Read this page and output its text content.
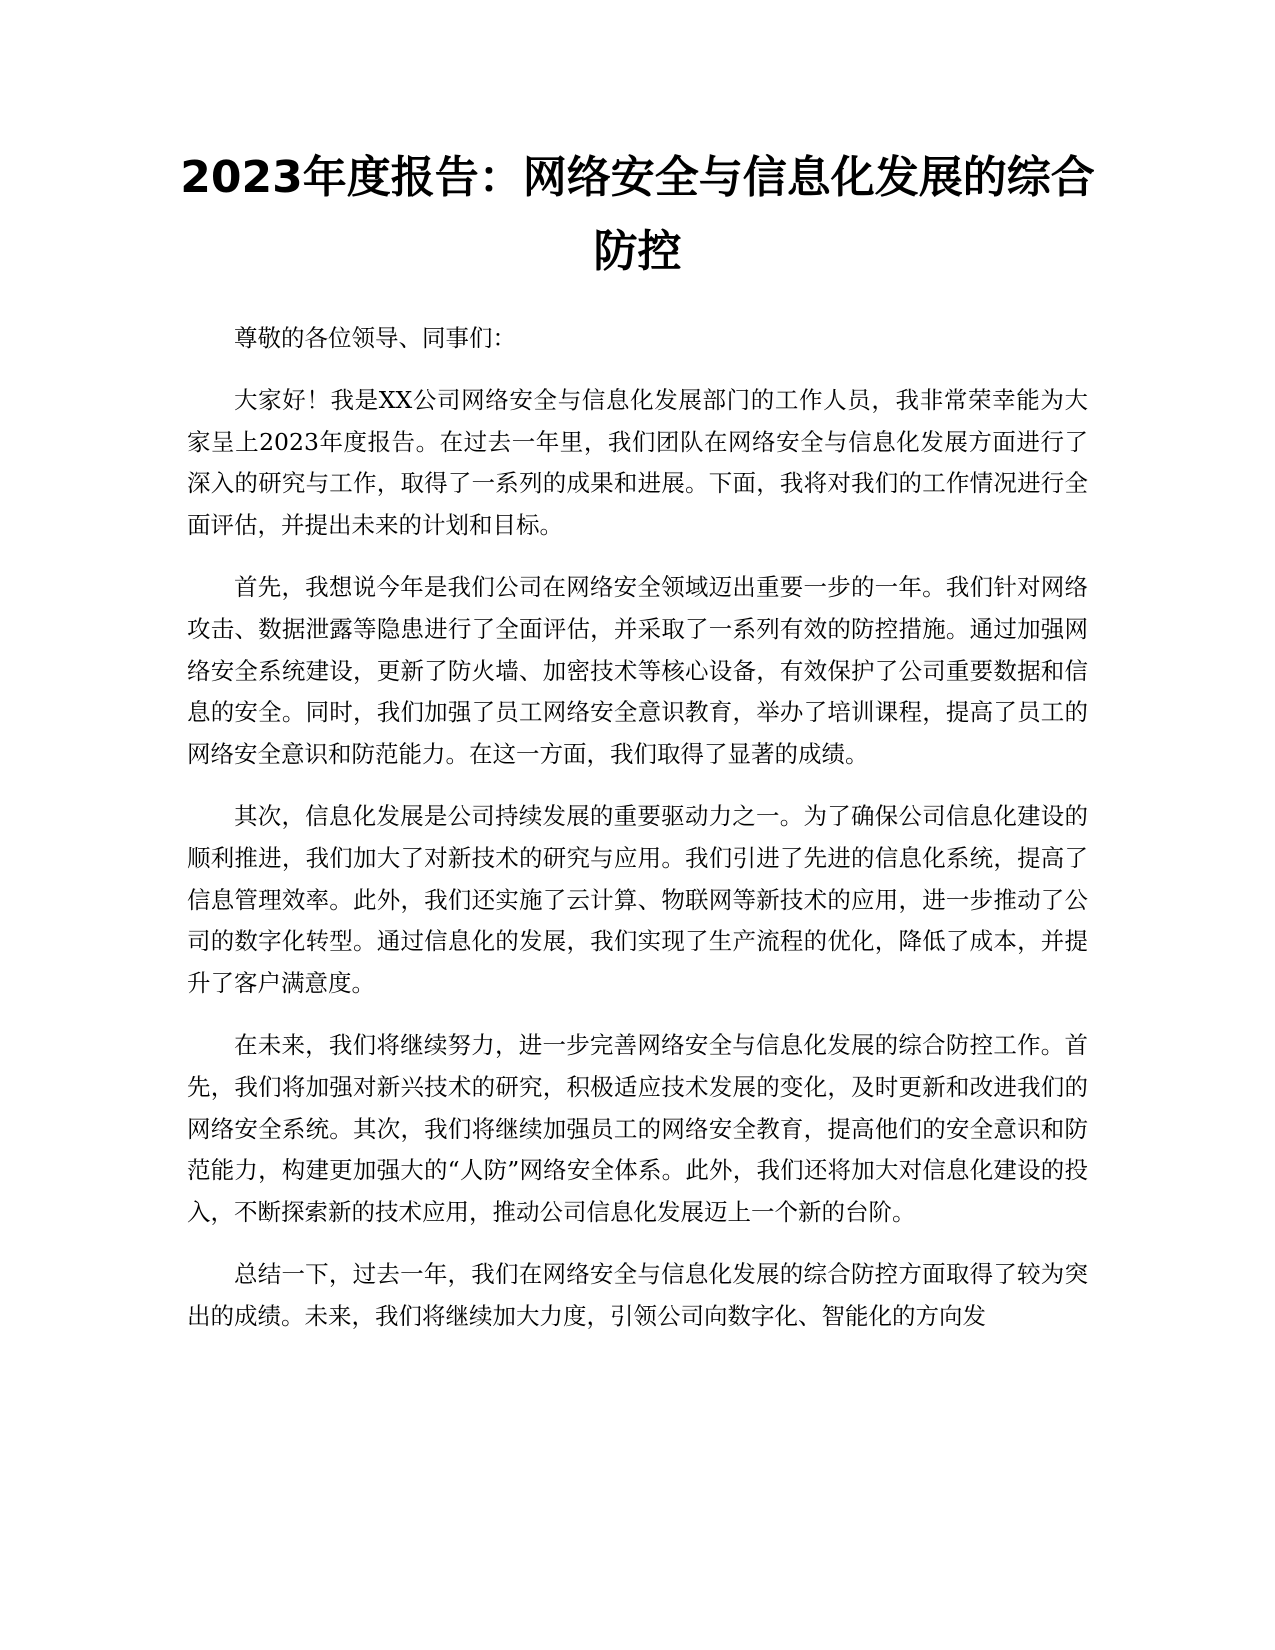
2023年度报告：网络安全与信息化发展的综合防控

尊敬的各位领导、同事们：

大家好！我是XX公司网络安全与信息化发展部门的工作人员，我非常荣幸能为大家呈上2023年度报告。在过去一年里，我们团队在网络安全与信息化发展方面进行了深入的研究与工作，取得了一系列的成果和进展。下面，我将对我们的工作情况进行全面评估，并提出未来的计划和目标。

首先，我想说今年是我们公司在网络安全领域迈出重要一步的一年。我们针对网络攻击、数据泄露等隐患进行了全面评估，并采取了一系列有效的防控措施。通过加强网络安全系统建设，更新了防火墙、加密技术等核心设备，有效保护了公司重要数据和信息的安全。同时，我们加强了员工网络安全意识教育，举办了培训课程，提高了员工的网络安全意识和防范能力。在这一方面，我们取得了显著的成绩。

其次，信息化发展是公司持续发展的重要驱动力之一。为了确保公司信息化建设的顺利推进，我们加大了对新技术的研究与应用。我们引进了先进的信息化系统，提高了信息管理效率。此外，我们还实施了云计算、物联网等新技术的应用，进一步推动了公司的数字化转型。通过信息化的发展，我们实现了生产流程的优化，降低了成本，并提升了客户满意度。

在未来，我们将继续努力，进一步完善网络安全与信息化发展的综合防控工作。首先，我们将加强对新兴技术的研究，积极适应技术发展的变化，及时更新和改进我们的网络安全系统。其次，我们将继续加强员工的网络安全教育，提高他们的安全意识和防范能力，构建更加强大的“人防”网络安全体系。此外，我们还将加大对信息化建设的投入，不断探索新的技术应用，推动公司信息化发展迈上一个新的台阶。

总结一下，过去一年，我们在网络安全与信息化发展的综合防控方面取得了较为突出的成绩。未来，我们将继续加大力度，引领公司向数字化、智能化的方向发
